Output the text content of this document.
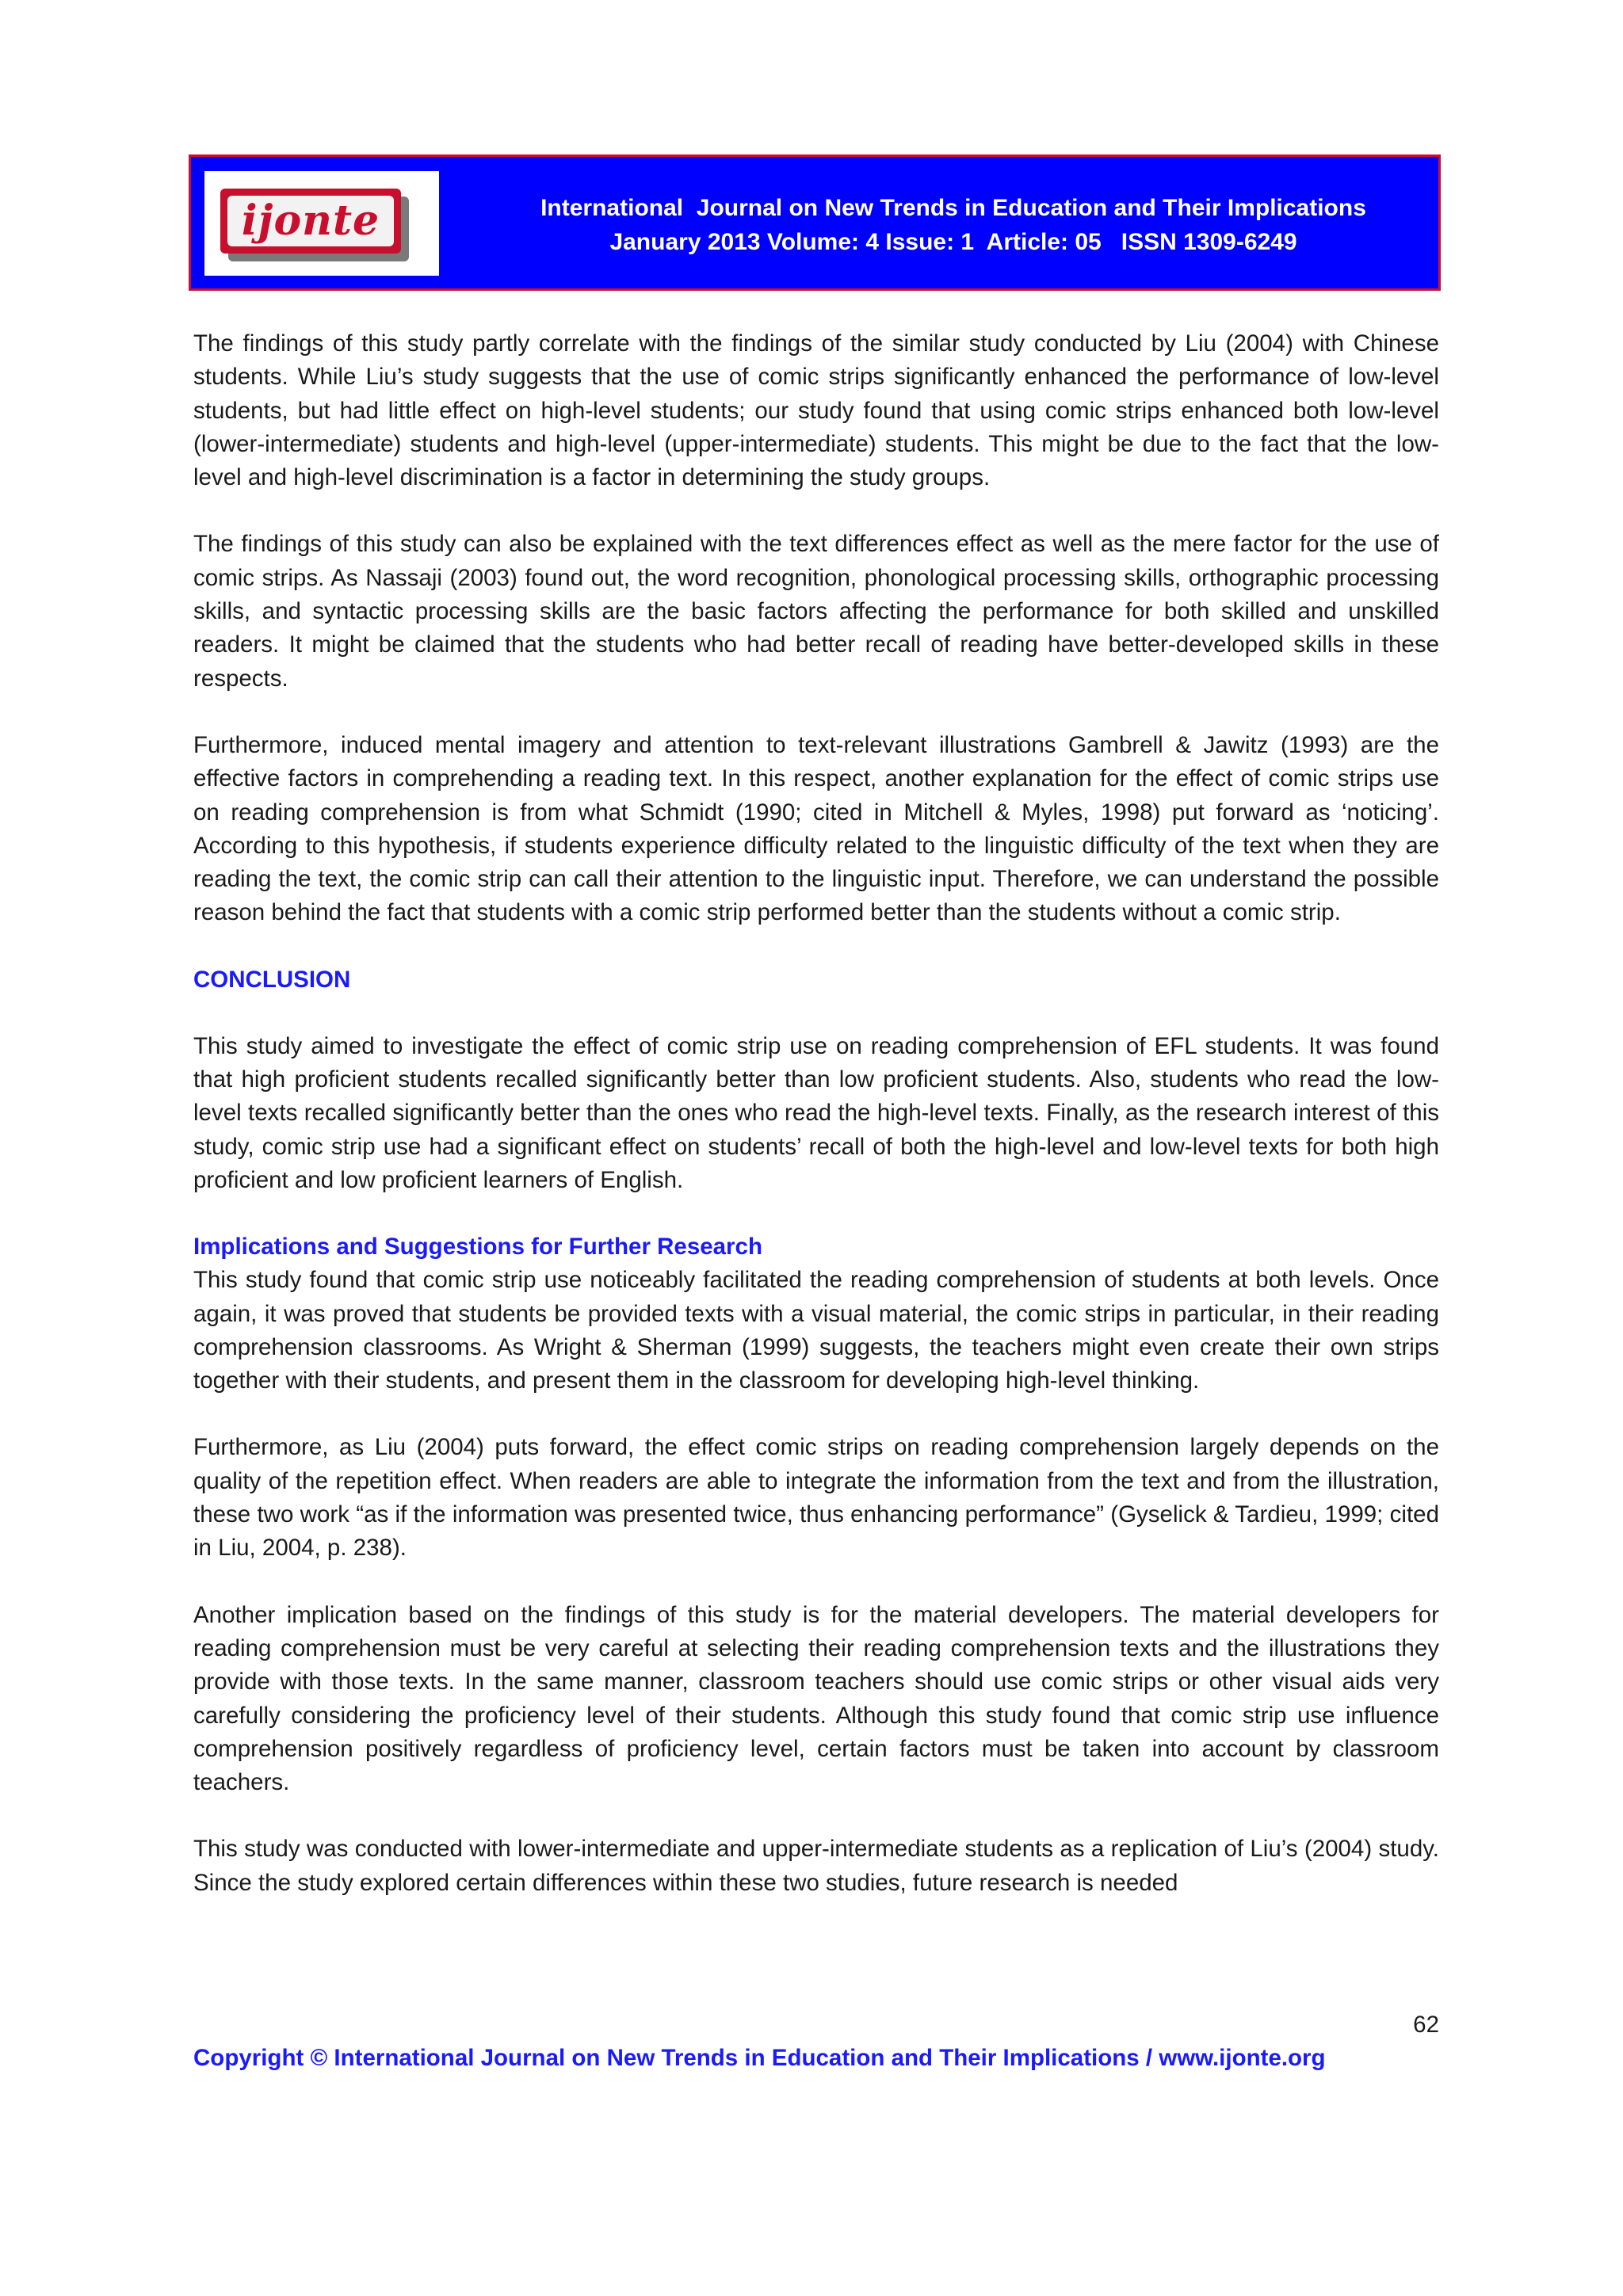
ijonte	International  Journal on New Trends in Education and Their Implications
January 2013 Volume: 4 Issue: 1  Article: 05   ISSN 1309-6249

The findings of this study partly correlate with the findings of the similar study conducted by Liu (2004) with Chinese students. While Liu’s study suggests that the use of comic strips significantly enhanced the performance of low-level students, but had little effect on high-level students; our study found that using comic strips enhanced both low-level (lower-intermediate) students and high-level (upper-intermediate) students. This might be due to the fact that the low-level and high-level discrimination is a factor in determining the study groups.

The findings of this study can also be explained with the text differences effect as well as the mere factor for the use of comic strips. As Nassaji (2003) found out, the word recognition, phonological processing skills, orthographic processing skills, and syntactic processing skills are the basic factors affecting the performance for both skilled and unskilled readers. It might be claimed that the students who had better recall of reading have better-developed skills in these respects.

Furthermore, induced mental imagery and attention to text-relevant illustrations Gambrell & Jawitz (1993) are the effective factors in comprehending a reading text. In this respect, another explanation for the effect of comic strips use on reading comprehension is from what Schmidt (1990; cited in Mitchell & Myles, 1998) put forward as ‘noticing’. According to this hypothesis, if students experience difficulty related to the linguistic difficulty of the text when they are reading the text, the comic strip can call their attention to the linguistic input. Therefore, we can understand the possible reason behind the fact that students with a comic strip performed better than the students without a comic strip.

CONCLUSION

This study aimed to investigate the effect of comic strip use on reading comprehension of EFL students. It was found that high proficient students recalled significantly better than low proficient students. Also, students who read the low-level texts recalled significantly better than the ones who read the high-level texts. Finally, as the research interest of this study, comic strip use had a significant effect on students’ recall of both the high-level and low-level texts for both high proficient and low proficient learners of English.

Implications and Suggestions for Further Research

This study found that comic strip use noticeably facilitated the reading comprehension of students at both levels. Once again, it was proved that students be provided texts with a visual material, the comic strips in particular, in their reading comprehension classrooms. As Wright & Sherman (1999) suggests, the teachers might even create their own strips together with their students, and present them in the classroom for developing high-level thinking.

Furthermore, as Liu (2004) puts forward, the effect comic strips on reading comprehension largely depends on the quality of the repetition effect. When readers are able to integrate the information from the text and from the illustration, these two work “as if the information was presented twice, thus enhancing performance” (Gyselick & Tardieu, 1999; cited in Liu, 2004, p. 238).

Another implication based on the findings of this study is for the material developers. The material developers for reading comprehension must be very careful at selecting their reading comprehension texts and the illustrations they provide with those texts. In the same manner, classroom teachers should use comic strips or other visual aids very carefully considering the proficiency level of their students. Although this study found that comic strip use influence comprehension positively regardless of proficiency level, certain factors must be taken into account by classroom teachers.

This study was conducted with lower-intermediate and upper-intermediate students as a replication of Liu’s (2004) study. Since the study explored certain differences within these two studies, future research is needed

62
Copyright © International Journal on New Trends in Education and Their Implications / www.ijonte.org
